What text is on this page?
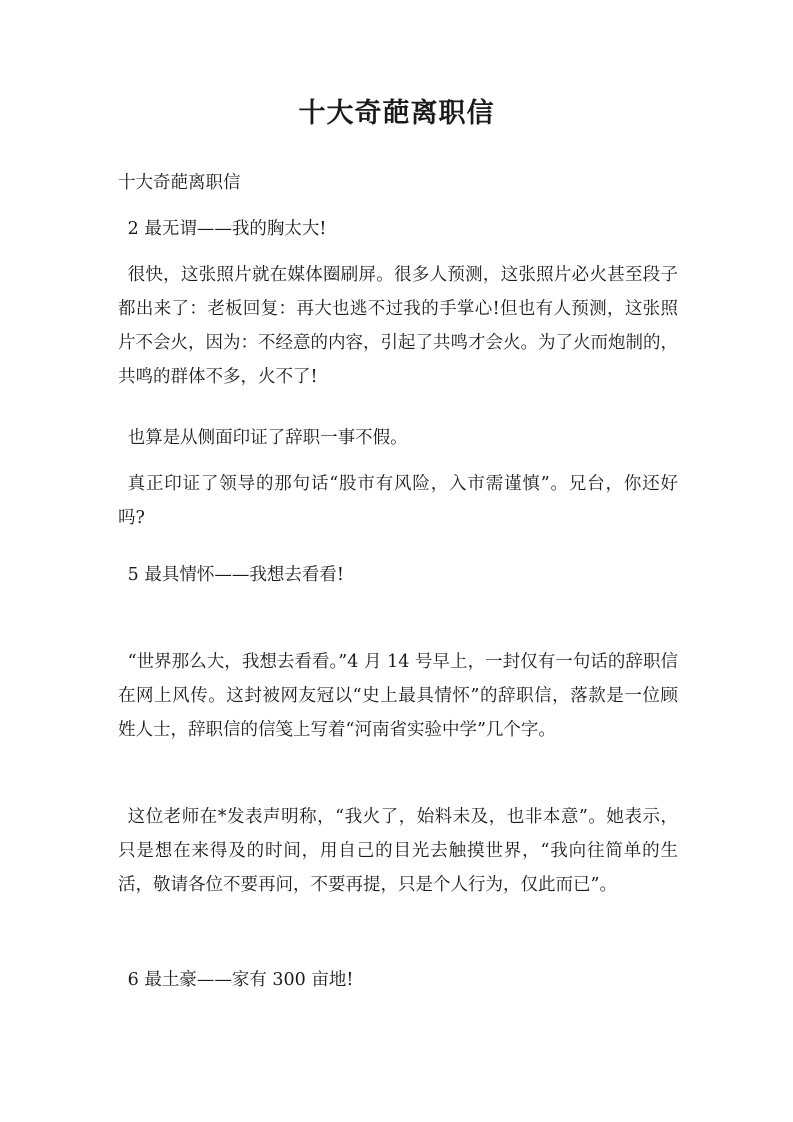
十大奇葩离职信

十大奇葩离职信

2 最无谓——我的胸太大!

很快，这张照片就在媒体圈刷屏。很多人预测，这张照片必火甚至段子都出来了：老板回复：再大也逃不过我的手掌心!但也有人预测，这张照片不会火，因为：不经意的内容，引起了共鸣才会火。为了火而炮制的，共鸣的群体不多，火不了!

也算是从侧面印证了辞职一事不假。

真正印证了领导的那句话“股市有风险，入市需谨慎”。兄台，你还好吗?

5 最具情怀——我想去看看!

“世界那么大，我想去看看。”4 月 14 号早上，一封仅有一句话的辞职信在网上风传。这封被网友冠以“史上最具情怀”的辞职信，落款是一位顾姓人士，辞职信的信笺上写着“河南省实验中学”几个字。

这位老师在*发表声明称，“我火了，始料未及，也非本意”。她表示，只是想在来得及的时间，用自己的目光去触摸世界，“我向往简单的生活，敬请各位不要再问，不要再提，只是个人行为，仅此而已”。

6 最土豪——家有 300 亩地!
